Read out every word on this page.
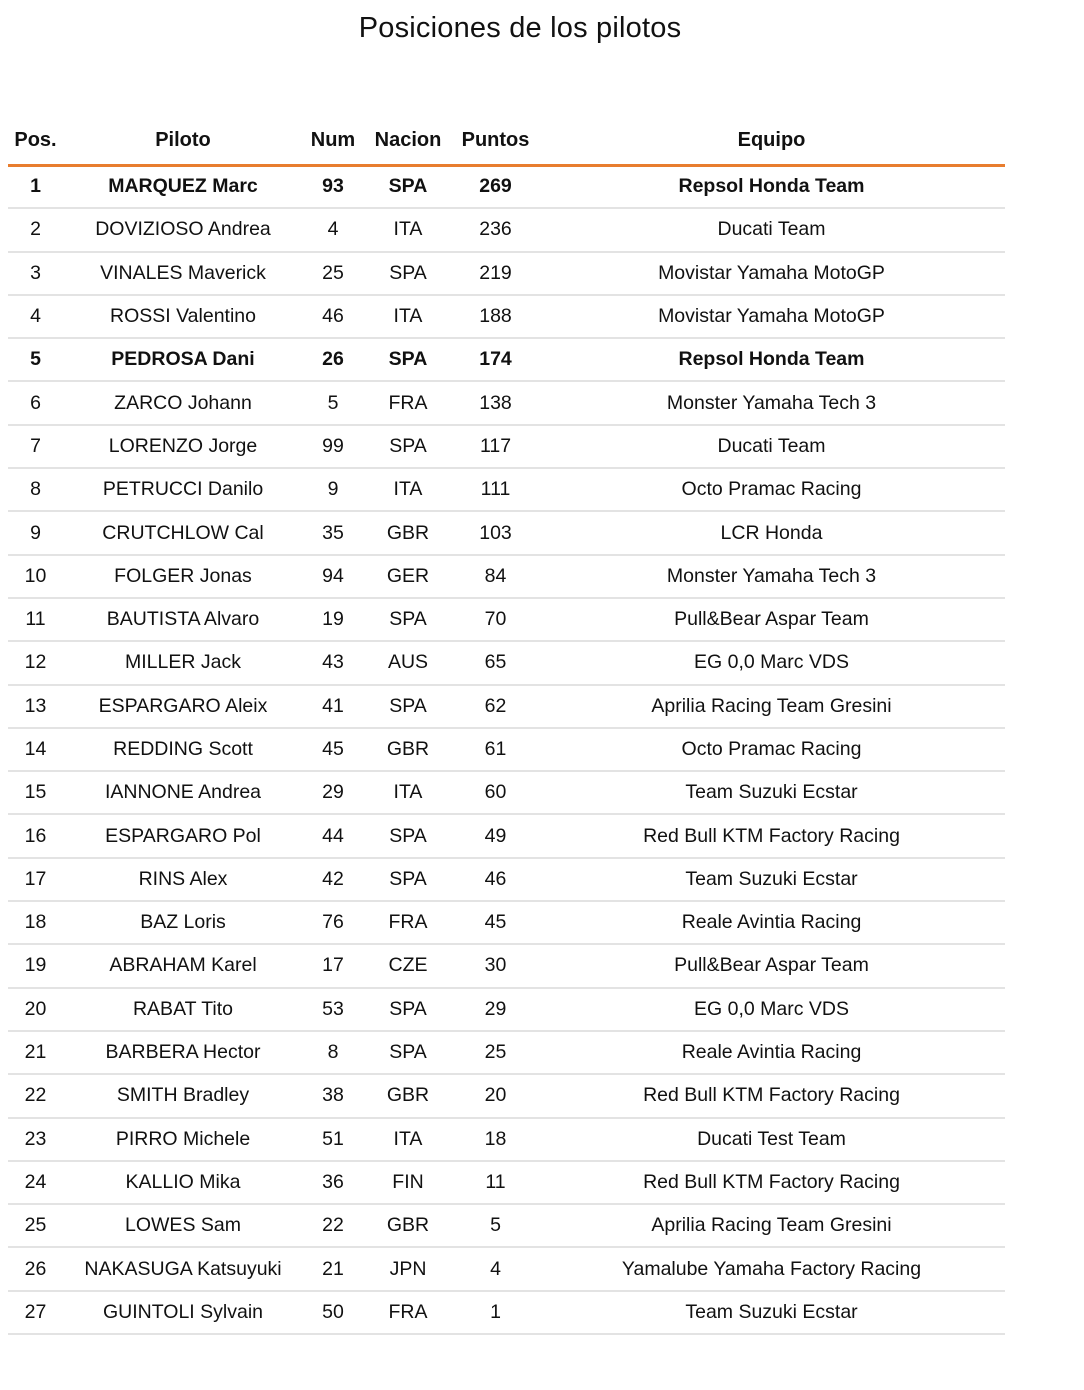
Posiciones de los pilotos
Pos.	Piloto	Num	Nacion	Puntos	Equipo
1	MARQUEZ Marc	93	SPA	269	Repsol Honda Team
2	DOVIZIOSO Andrea	4	ITA	236	Ducati Team
3	VINALES Maverick	25	SPA	219	Movistar Yamaha MotoGP
4	ROSSI Valentino	46	ITA	188	Movistar Yamaha MotoGP
5	PEDROSA Dani	26	SPA	174	Repsol Honda Team
6	ZARCO Johann	5	FRA	138	Monster Yamaha Tech 3
7	LORENZO Jorge	99	SPA	117	Ducati Team
8	PETRUCCI Danilo	9	ITA	111	Octo Pramac Racing
9	CRUTCHLOW Cal	35	GBR	103	LCR Honda
10	FOLGER Jonas	94	GER	84	Monster Yamaha Tech 3
11	BAUTISTA Alvaro	19	SPA	70	Pull&Bear Aspar Team
12	MILLER Jack	43	AUS	65	EG 0,0 Marc VDS
13	ESPARGARO Aleix	41	SPA	62	Aprilia Racing Team Gresini
14	REDDING Scott	45	GBR	61	Octo Pramac Racing
15	IANNONE Andrea	29	ITA	60	Team Suzuki Ecstar
16	ESPARGARO Pol	44	SPA	49	Red Bull KTM Factory Racing
17	RINS Alex	42	SPA	46	Team Suzuki Ecstar
18	BAZ Loris	76	FRA	45	Reale Avintia Racing
19	ABRAHAM Karel	17	CZE	30	Pull&Bear Aspar Team
20	RABAT Tito	53	SPA	29	EG 0,0 Marc VDS
21	BARBERA Hector	8	SPA	25	Reale Avintia Racing
22	SMITH Bradley	38	GBR	20	Red Bull KTM Factory Racing
23	PIRRO Michele	51	ITA	18	Ducati Test Team
24	KALLIO Mika	36	FIN	11	Red Bull KTM Factory Racing
25	LOWES Sam	22	GBR	5	Aprilia Racing Team Gresini
26	NAKASUGA Katsuyuki	21	JPN	4	Yamalube Yamaha Factory Racing
27	GUINTOLI Sylvain	50	FRA	1	Team Suzuki Ecstar
